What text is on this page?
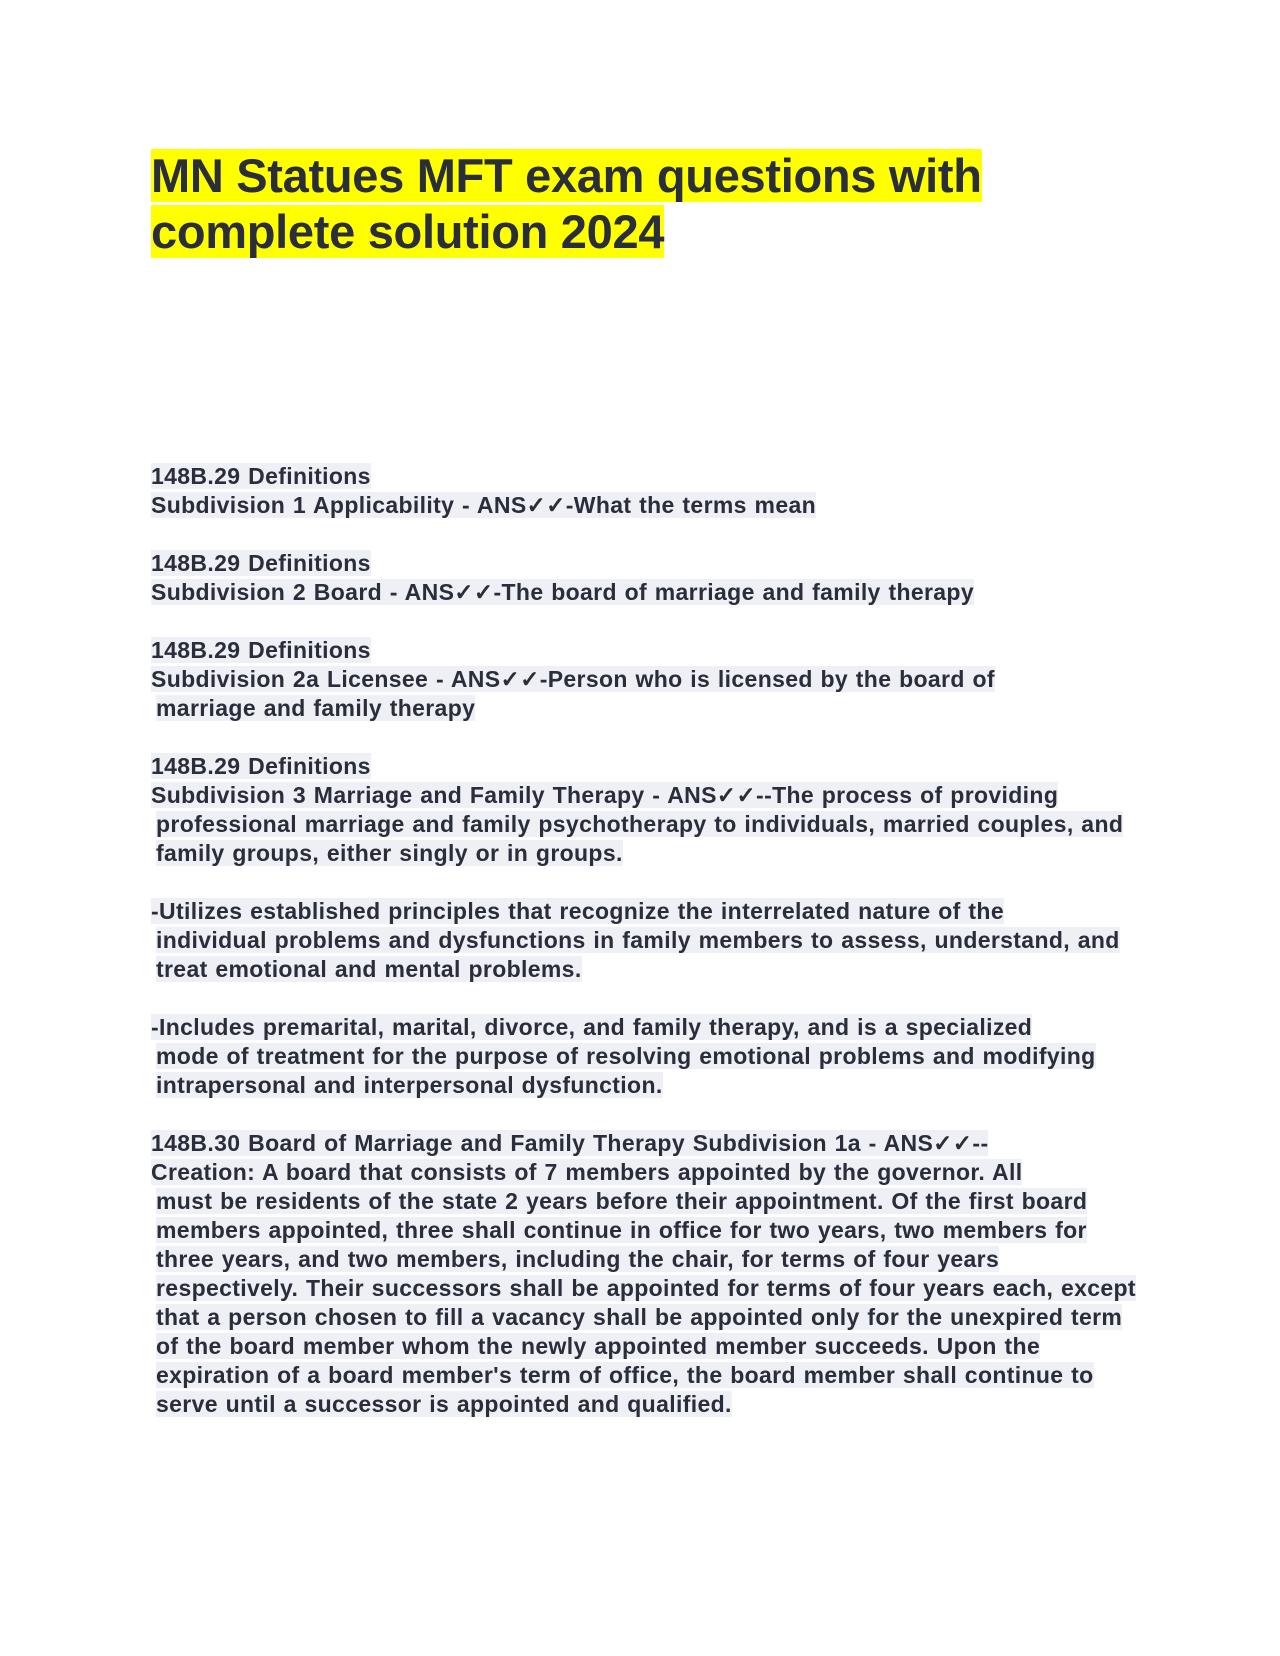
MN Statues MFT exam questions with complete solution 2024

148B.29 Definitions
Subdivision 1 Applicability - ANS✓✓-What the terms mean

148B.29 Definitions
Subdivision 2 Board - ANS✓✓-The board of marriage and family therapy

148B.29 Definitions
Subdivision 2a Licensee - ANS✓✓-Person who is licensed by the board of
marriage and family therapy

148B.29 Definitions
Subdivision 3 Marriage and Family Therapy - ANS✓✓--The process of providing
professional marriage and family psychotherapy to individuals, married couples, and family groups, either singly or in groups.

-Utilizes established principles that recognize the interrelated nature of the
individual problems and dysfunctions in family members to assess, understand, and treat emotional and mental problems.

-Includes premarital, marital, divorce, and family therapy, and is a specialized
mode of treatment for the purpose of resolving emotional problems and modifying intrapersonal and interpersonal dysfunction.

148B.30 Board of Marriage and Family Therapy Subdivision 1a - ANS✓✓--
Creation: A board that consists of 7 members appointed by the governor. All
must be residents of the state 2 years before their appointment. Of the first board members appointed, three shall continue in office for two years, two members for three years, and two members, including the chair, for terms of four years respectively. Their successors shall be appointed for terms of four years each, except that a person chosen to fill a vacancy shall be appointed only for the unexpired term of the board member whom the newly appointed member succeeds. Upon the expiration of a board member's term of office, the board member shall continue to serve until a successor is appointed and qualified.
